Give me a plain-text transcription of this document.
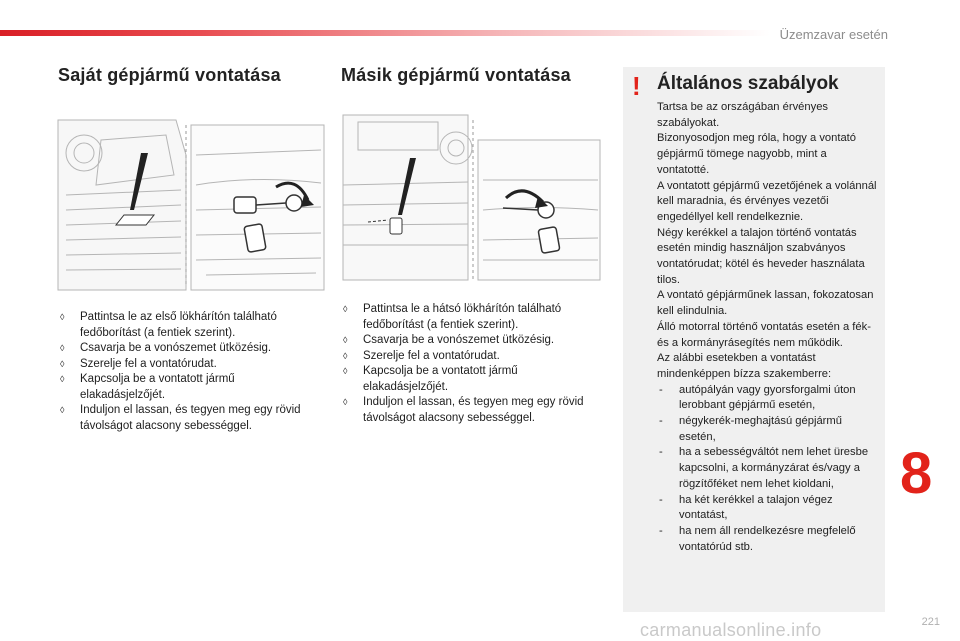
Üzemzavar esetén
Saját gépjármű vontatása	Másik gépjármű vontatása
◊ Pattintsa le az első lökhárítón található fedőborítást (a fentiek szerint).
◊ Csavarja be a vonószemet ütközésig.
◊ Szerelje fel a vontatórudat.
◊ Kapcsolja be a vontatott jármű elakadásjelzőjét.
◊ Induljon el lassan, és tegyen meg egy rövid távolságot alacsony sebességgel.
◊ Pattintsa le a hátsó lökhárítón található fedőborítást (a fentiek szerint).
◊ Csavarja be a vonószemet ütközésig.
◊ Szerelje fel a vontatórudat.
◊ Kapcsolja be a vontatott jármű elakadásjelzőjét.
◊ Induljon el lassan, és tegyen meg egy rövid távolságot alacsony sebességgel.
! Általános szabályok

Tartsa be az országában érvényes szabályokat.

Bizonyosodjon meg róla, hogy a vontató gépjármű tömege nagyobb, mint a vontatotté.

A vontatott gépjármű vezetőjének a volánnál kell maradnia, és érvényes vezetői engedéllyel kell rendelkeznie.

Négy kerékkel a talajon történő vontatás esetén mindig használjon szabványos vontatórudat; kötél és heveder használata tilos.

A vontató gépjárműnek lassan, fokozatosan kell elindulnia.

Álló motorral történő vontatás esetén a fék- és a kormányrásegítés nem működik.

Az alábbi esetekben a vontatást mindenképpen bízza szakemberre:

- autópályán vagy gyorsforgalmi úton lerobbant gépjármű esetén,

- négykerék-meghajtású gépjármű esetén,

- ha a sebességváltót nem lehet üresbe kapcsolni, a kormányzárat és/vagy a rögzítőféket nem lehet kioldani,

- ha két kerékkel a talajon végez vontatást,

- ha nem áll rendelkezésre megfelelő vontatórúd stb.

8
221
carmanualsonline.info
